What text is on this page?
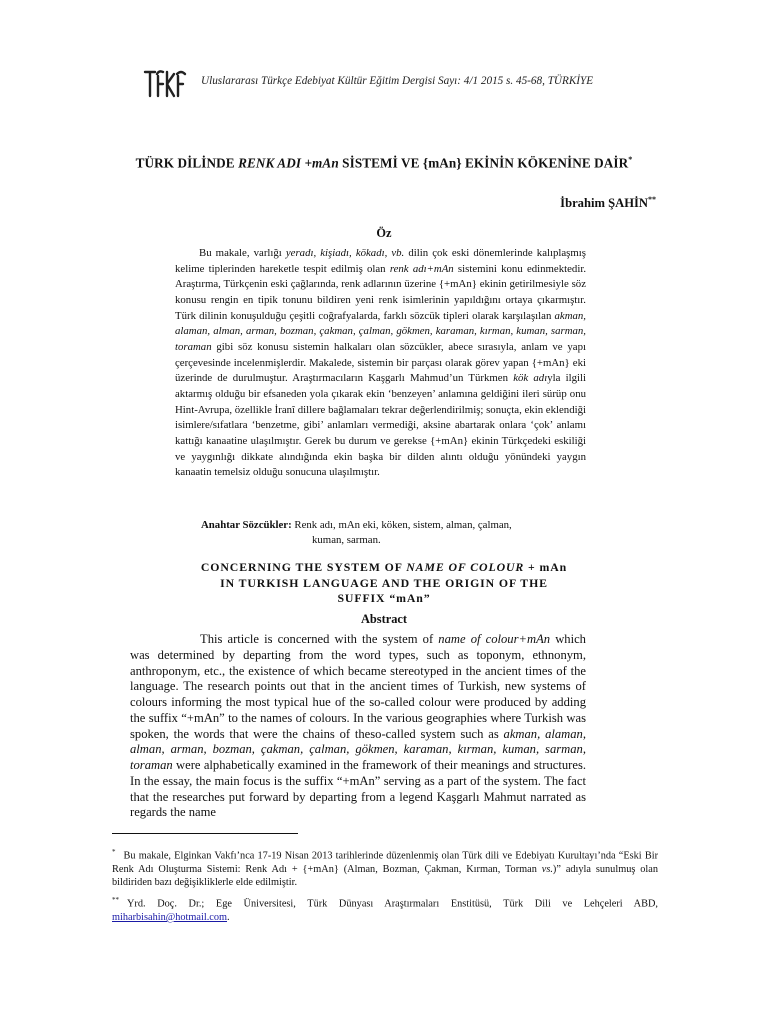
TEKE
Uluslararası Türkçe Edebiyat Kültür Eğitim Dergisi Sayı: 4/1 2015 s. 45-68, TÜRKİYE
TÜRK DİLİNDE RENK ADI +mAn SİSTEMİ VE {mAn} EKİNİN KÖKENİNE DAİR*
İbrahim ŞAHİN**
Öz

Bu makale, varlığı yeradı, kişiadı, kökadı, vb. dilin çok eski dönemlerinde kalıplaşmış kelime tiplerinden hareketle tespit edilmiş olan renk adı+mAn sistemini konu edinmektedir. Araştırma, Türkçenin eski çağlarında, renk adlarının üzerine {+mAn} ekinin getirilmesiyle söz konusu rengin en tipik tonunu bildiren yeni renk isimlerinin yapıldığını ortaya çıkarmıştır. Türk dilinin konuşulduğu çeşitli coğrafyalarda, farklı sözcük tipleri olarak karşılaşılan akman, alaman, alman, arman, bozman, çakman, çalman, gökmen, karaman, kırman, kuman, sarman, toraman gibi söz konusu sistemin halkaları olan sözcükler, abece sırasıyla, anlam ve yapı çerçevesinde incelenmişlerdir. Makalede, sistemin bir parçası olarak görev yapan {+mAn} eki üzerinde de durulmuştur. Araştırmacıların Kaşgarlı Mahmud’un Türkmen kök adıyla ilgili aktarmış olduğu bir efsaneden yola çıkarak ekin ‘benzeyen’ anlamına geldiğini ileri sürüp onu Hint-Avrupa, özellikle İranî dillere bağlamaları tekrar değerlendirilmiş; sonuçta, ekin eklendiği isimlere/sıfatlara ‘benzetme, gibi’ anlamları vermediği, aksine abartarak onlara ‘çok’ anlamı kattığı kanaatine ulaşılmıştır. Gerek bu durum ve gerekse {+mAn} ekinin Türkçedeki eskiliği ve yaygınlığı dikkate alındığında ekin başka bir dilden alıntı olduğu yönündeki yaygın kanaatin temelsiz olduğu sonucuna ulaşılmıştır.

Anahtar Sözcükler: Renk adı, mAn eki, köken, sistem, alman, çalman,
kuman, sarman.
CONCERNING THE SYSTEM OF NAME OF COLOUR + mAn
IN TURKISH LANGUAGE AND THE ORIGIN OF THE
SUFFIX “mAn”
Abstract

This article is concerned with the system of name of colour+mAn which was determined by departing from the word types, such as toponym, ethnonym, anthroponym, etc., the existence of which became stereotyped in the ancient times of the language. The research points out that in the ancient times of Turkish, new systems of colours informing the most typical hue of the so-called colour were produced by adding the suffix “+mAn” to the names of colours. In the various geographies where Turkish was spoken, the words that were the chains of theso-called system such as akman, alaman, alman, arman, bozman, çakman, çalman, gökmen, karaman, kırman, kuman, sarman, toraman were alphabetically examined in the framework of their meanings and structures. In the essay, the main focus is the suffix “+mAn” serving as a part of the system. The fact that the researches put forward by departing from a legend Kaşgarlı Mahmut narrated as regards the name

* Bu makale, Elginkan Vakfı’nca 17-19 Nisan 2013 tarihlerinde düzenlenmiş olan Türk dili ve Edebiyatı Kurultayı’nda “Eski Bir Renk Adı Oluşturma Sistemi: Renk Adı + {+mAn} (Alman, Bozman, Çakman, Kırman, Torman vs.)” adıyla sunulmuş olan bildiriden bazı değişikliklerle elde edilmiştir.

** Yrd. Doç. Dr.; Ege Üniversitesi, Türk Dünyası Araştırmaları Enstitüsü, Türk Dili ve Lehçeleri ABD, miharbisahin@hotmail.com.
